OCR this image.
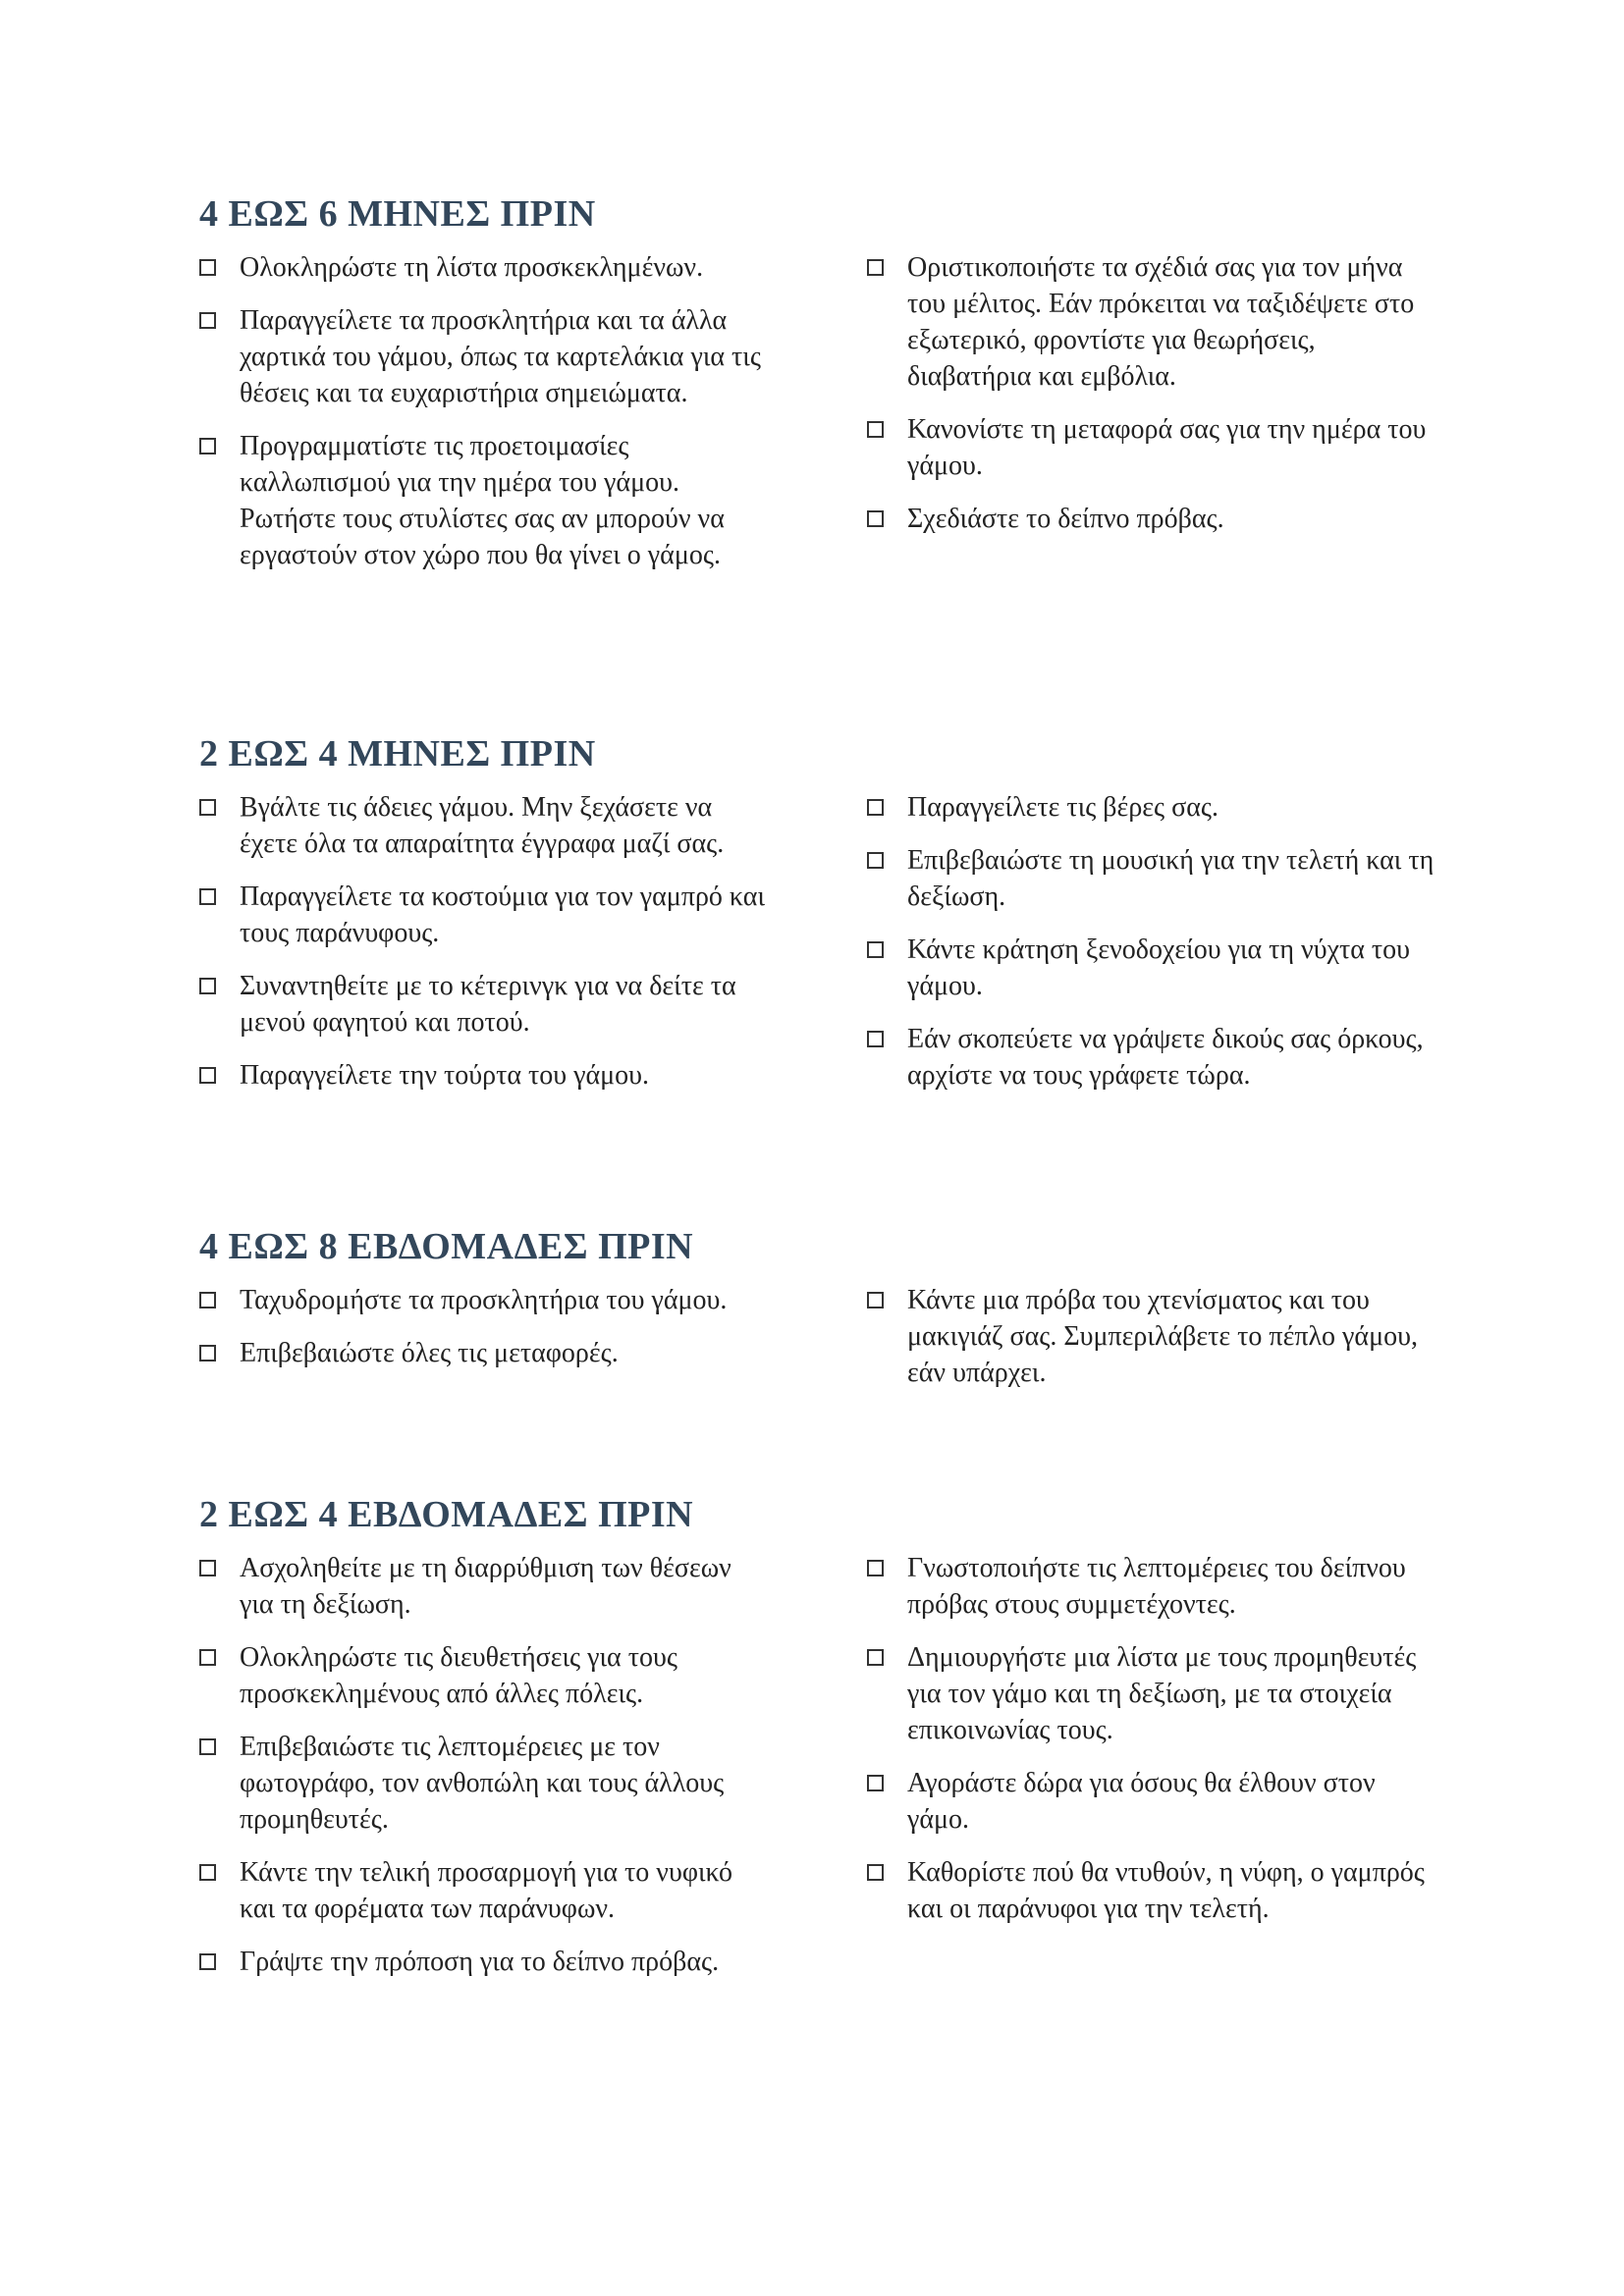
4 ΕΩΣ 6 ΜΗΝΕΣ ΠΡΙΝ
Ολοκληρώστε τη λίστα προσκεκλημένων.
Παραγγείλετε τα προσκλητήρια και τα άλλα χαρτικά του γάμου, όπως τα καρτελάκια για τις θέσεις και τα ευχαριστήρια σημειώματα.
Προγραμματίστε τις προετοιμασίες καλλωπισμού για την ημέρα του γάμου. Ρωτήστε τους στυλίστες σας αν μπορούν να εργαστούν στον χώρο που θα γίνει ο γάμος.
Οριστικοποιήστε τα σχέδιά σας για τον μήνα του μέλιτος. Εάν πρόκειται να ταξιδέψετε στο εξωτερικό, φροντίστε για θεωρήσεις, διαβατήρια και εμβόλια.
Κανονίστε τη μεταφορά σας για την ημέρα του γάμου.
Σχεδιάστε το δείπνο πρόβας.
2 ΕΩΣ 4 ΜΗΝΕΣ ΠΡΙΝ
Βγάλτε τις άδειες γάμου. Μην ξεχάσετε να έχετε όλα τα απαραίτητα έγγραφα μαζί σας.
Παραγγείλετε τα κοστούμια για τον γαμπρό και τους παράνυφους.
Συναντηθείτε με το κέτερινγκ για να δείτε τα μενού φαγητού και ποτού.
Παραγγείλετε την τούρτα του γάμου.
Παραγγείλετε τις βέρες σας.
Επιβεβαιώστε τη μουσική για την τελετή και τη δεξίωση.
Κάντε κράτηση ξενοδοχείου για τη νύχτα του γάμου.
Εάν σκοπεύετε να γράψετε δικούς σας όρκους, αρχίστε να τους γράφετε τώρα.
4 ΕΩΣ 8 ΕΒΔΟΜΑΔΕΣ ΠΡΙΝ
Ταχυδρομήστε τα προσκλητήρια του γάμου.
Επιβεβαιώστε όλες τις μεταφορές.
Κάντε μια πρόβα του χτενίσματος και του μακιγιάζ σας. Συμπεριλάβετε το πέπλο γάμου, εάν υπάρχει.
2 ΕΩΣ 4 ΕΒΔΟΜΑΔΕΣ ΠΡΙΝ
Ασχοληθείτε με τη διαρρύθμιση των θέσεων για τη δεξίωση.
Ολοκληρώστε τις διευθετήσεις για τους προσκεκλημένους από άλλες πόλεις.
Επιβεβαιώστε τις λεπτομέρειες με τον φωτογράφο, τον ανθοπώλη και τους άλλους προμηθευτές.
Κάντε την τελική προσαρμογή για το νυφικό και τα φορέματα των παράνυφων.
Γράψτε την πρόποση για το δείπνο πρόβας.
Γνωστοποιήστε τις λεπτομέρειες του δείπνου πρόβας στους συμμετέχοντες.
Δημιουργήστε μια λίστα με τους προμηθευτές για τον γάμο και τη δεξίωση, με τα στοιχεία επικοινωνίας τους.
Αγοράστε δώρα για όσους θα έλθουν στον γάμο.
Καθορίστε πού θα ντυθούν, η νύφη, ο γαμπρός και οι παράνυφοι για την τελετή.
